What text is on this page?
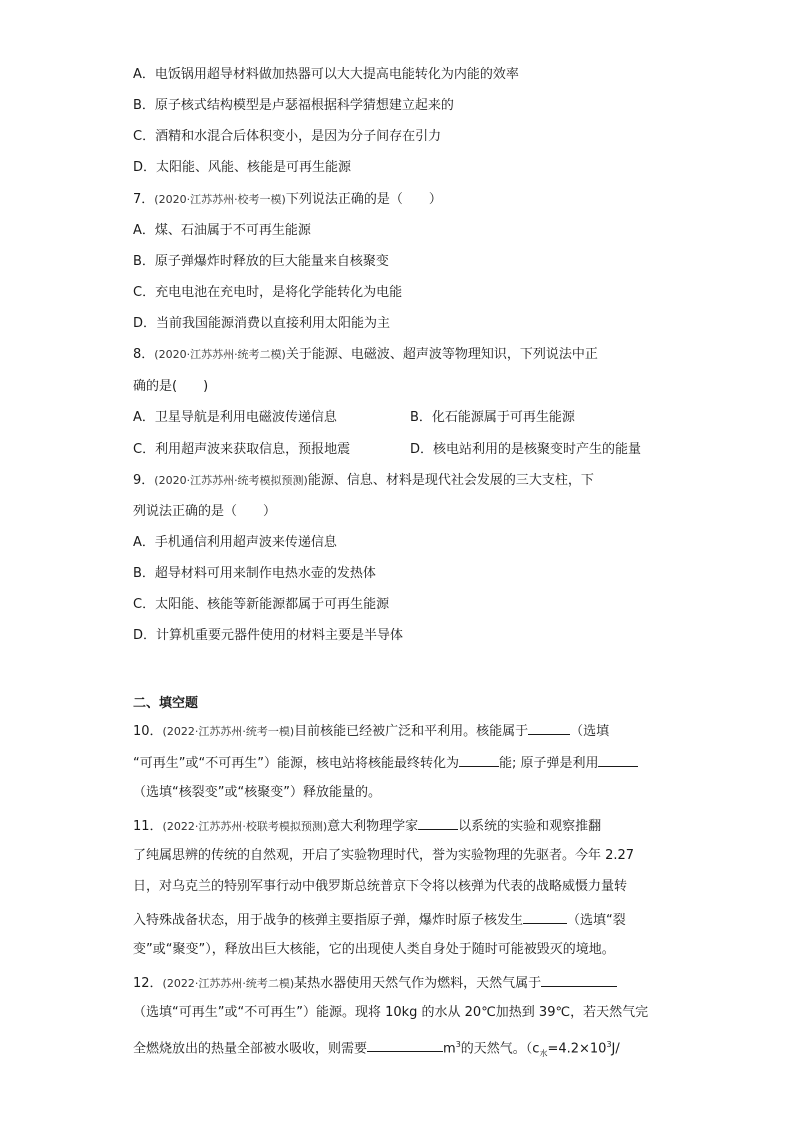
A．电饭锅用超导材料做加热器可以大大提高电能转化为内能的效率
B．原子核式结构模型是卢瑟福根据科学猜想建立起来的
C．酒精和水混合后体积变小，是因为分子间存在引力
D．太阳能、风能、核能是可再生能源
7．(2020·江苏苏州·校考一模)下列说法正确的是（　　）
A．煤、石油属于不可再生能源
B．原子弹爆炸时释放的巨大能量来自核聚变
C．充电电池在充电时，是将化学能转化为电能
D．当前我国能源消费以直接利用太阳能为主
8．(2020·江苏苏州·统考二模)关于能源、电磁波、超声波等物理知识，下列说法中正
确的是(　　)
A．卫星导航是利用电磁波传递信息	B．化石能源属于可再生能源
C．利用超声波来获取信息，预报地震	D．核电站利用的是核聚变时产生的能量
9．(2020·江苏苏州·统考模拟预测)能源、信息、材料是现代社会发展的三大支柱，下
列说法正确的是（　　）
A．手机通信利用超声波来传递信息
B．超导材料可用来制作电热水壶的发热体
C．太阳能、核能等新能源都属于可再生能源
D．计算机重要元器件使用的材料主要是半导体
二、填空题
10．(2022·江苏苏州·统考一模)目前核能已经被广泛和平利用。核能属于	（选填
“可再生”或“不可再生”）能源，核电站将核能最终转化为	能; 原子弹是利用
（选填“核裂变”或“核聚变”）释放能量的。
11．(2022·江苏苏州·校联考模拟预测)意大利物理学家	以系统的实验和观察推翻
了纯属思辨的传统的自然观，开启了实验物理时代，誉为实验物理的先驱者。今年 2.27
日，对乌克兰的特别军事行动中俄罗斯总统普京下令将以核弹为代表的战略威慑力量转
入特殊战备状态，用于战争的核弹主要指原子弹，爆炸时原子核发生	（选填“裂
变”或“聚变”），释放出巨大核能，它的出现使人类自身处于随时可能被毁灭的境地。
12．(2022·江苏苏州·统考二模)某热水器使用天然气作为燃料，天然气属于
（选填“可再生”或“不可再生”）能源。现将 10kg 的水从 20℃加热到 39℃，若天然气完
全燃烧放出的热量全部被水吸收，则需要	$m^3$的天然气。（$c_水=4.2\times 10^3J/$
